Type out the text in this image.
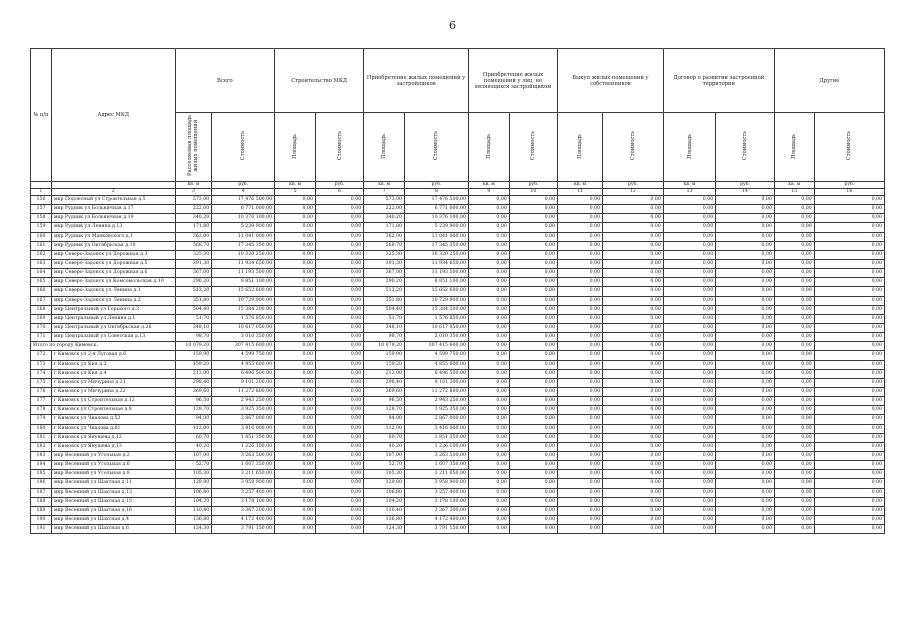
6
№ п/п	Адрес МКД	Всего		Строительство МКД		Приобретение жилых помещений у застройщиков		Приобретение жилых помещений у лиц, не являющихся застройщиком		Выкуп жилых помещений у собственников		Договор о развитии застроенной территории		Другие	
		Расселяемая площадь жилых помещений	Стоимость	Площадь	Стоимость	Площадь	Стоимость	Площадь	Стоимость	Площадь	Стоимость	Площадь	Стоимость	Площадь	Стоимость
		кв. м	руб.	кв. м	руб.	кв. м	руб.	кв. м	руб.	кв. м	руб.	кв. м	руб.	кв. м	руб.
1	2	3	4	5	6	7	8	9	10	11	12	13	14	15	16
156	мкр Подлесный ул Строительная д.5	573,00	17 476 500,00	0,00	0,00	573,00	17 476 500,00	0,00	0,00	0,00	0,00	0,00	0,00	0,00	0,00
157	мкр Рудник ул Больничная д.17	222,00	6 771 000,00	0,00	0,00	222,00	6 771 000,00	0,00	0,00	0,00	0,00	0,00	0,00	0,00	0,00
158	мкр Рудник ул Больничная д.19	340,20	10 376 100,00	0,00	0,00	340,20	10 376 100,00	0,00	0,00	0,00	0,00	0,00	0,00	0,00	0,00
159	мкр Рудник ул Ленина д.13	171,80	5 239 900,00	0,00	0,00	171,80	5 239 900,00	0,00	0,00	0,00	0,00	0,00	0,00	0,00	0,00
160	мкр Рудник ул Маяковского д.1	362,00	11 041 000,00	0,00	0,00	362,00	11 041 000,00	0,00	0,00	0,00	0,00	0,00	0,00	0,00	0,00
161	мкр Рудник ул Октябрьская д.10	568,70	17 345 350,00	0,00	0,00	568,70	17 345 350,00	0,00	0,00	0,00	0,00	0,00	0,00	0,00	0,00
162	мкр Северо-Задонск ул Дорожная д.3	325,30	10 320 250,00	0,00	0,00	325,30	10 320 250,00	0,00	0,00	0,00	0,00	0,00	0,00	0,00	0,00
163	мкр Северо-Задонск ул Дорожная д.5	391,30	11 934 650,00	0,00	0,00	391,30	11 934 650,00	0,00	0,00	0,00	0,00	0,00	0,00	0,00	0,00
164	мкр Северо-Задонск ул Дорожная д.6	367,00	11 193 500,00	0,00	0,00	367,00	11 193 500,00	0,00	0,00	0,00	0,00	0,00	0,00	0,00	0,00
165	мкр Северо-Задонск ул Комсомольская д.10	290,20	8 851 100,00	0,00	0,00	290,20	8 851 100,00	0,00	0,00	0,00	0,00	0,00	0,00	0,00	0,00
166	мкр Северо-Задонск ул Ленина д.1	513,20	15 652 600,00	0,00	0,00	513,20	15 652 600,00	0,00	0,00	0,00	0,00	0,00	0,00	0,00	0,00
167	мкр Северо-Задонск ул Ленина д.2	351,80	10 729 900,00	0,00	0,00	351,80	10 729 900,00	0,00	0,00	0,00	0,00	0,00	0,00	0,00	0,00
168	мкр Центральный ул Горького д.3	504,40	15 384 200,00	0,00	0,00	504,40	15 384 200,00	0,00	0,00	0,00	0,00	0,00	0,00	0,00	0,00
169	мкр Центральный ул Ленина д.1	51,70	1 576 850,00	0,00	0,00	51,70	1 576 850,00	0,00	0,00	0,00	0,00	0,00	0,00	0,00	0,00
170	мкр Центральный ул Октябрьская д.26	348,10	10 617 050,00	0,00	0,00	348,10	10 617 050,00	0,00	0,00	0,00	0,00	0,00	0,00	0,00	0,00
171	мкр Центральный ул Советская д.13	98,70	3 010 350,00	0,00	0,00	98,70	3 010 350,00	0,00	0,00	0,00	0,00	0,00	0,00	0,00	0,00
Итого по городу Кимовск:		10 079,20	307 415 600,00	0,00	0,00	10 079,20	307 415 600,00	0,00	0,00	0,00	0,00	0,00	0,00	0,00	0,00
172	г Кимовск ул 2-я Луговая д.6	159,90	4 599 750,00	0,00	0,00	159,90	4 599 750,00	0,00	0,00	0,00	0,00	0,00	0,00	0,00	0,00
173	г Кимовск ул Кия д.2	159,20	4 855 600,00	0,00	0,00	159,20	4 855 600,00	0,00	0,00	0,00	0,00	0,00	0,00	0,00	0,00
174	г Кимовск ул Кия д.4	213,00	6 496 500,00	0,00	0,00	213,00	6 496 500,00	0,00	0,00	0,00	0,00	0,00	0,00	0,00	0,00
175	г Кимовск ул Мичурина д.21	298,40	9 101 200,00	0,00	0,00	298,40	9 101 200,00	0,00	0,00	0,00	0,00	0,00	0,00	0,00	0,00
176	г Кимовск ул Мичурина д.22	369,60	11 272 800,00	0,00	0,00	369,60	11 272 800,00	0,00	0,00	0,00	0,00	0,00	0,00	0,00	0,00
177	г Кимовск ул Строительная д.12	96,50	2 943 250,00	0,00	0,00	96,50	2 943 250,00	0,00	0,00	0,00	0,00	0,00	0,00	0,00	0,00
178	г Кимовск ул Строительная д.8	128,70	3 925 350,00	0,00	0,00	128,70	3 925 350,00	0,00	0,00	0,00	0,00	0,00	0,00	0,00	0,00
179	г Кимовск ул Чкалова д.53	94,00	2 867 000,00	0,00	0,00	94,00	2 867 000,00	0,00	0,00	0,00	0,00	0,00	0,00	0,00	0,00
180	г Кимовск ул Чкалова д.61	112,00	3 416 000,00	0,00	0,00	112,00	3 416 000,00	0,00	0,00	0,00	0,00	0,00	0,00	0,00	0,00
181	г Кимовск ул Якушева д.12	60,70	1 851 350,00	0,00	0,00	60,70	1 851 350,00	0,00	0,00	0,00	0,00	0,00	0,00	0,00	0,00
182	г Кимовск ул Якушева д.13	40,20	1 226 100,00	0,00	0,00	40,20	1 226 100,00	0,00	0,00	0,00	0,00	0,00	0,00	0,00	0,00
183	мкр Весенний ул Угольная д.2	107,00	3 263 500,00	0,00	0,00	107,00	3 263 500,00	0,00	0,00	0,00	0,00	0,00	0,00	0,00	0,00
184	мкр Весенний ул Угольная д.6	52,70	1 607 350,00	0,00	0,00	52,70	1 607 350,00	0,00	0,00	0,00	0,00	0,00	0,00	0,00	0,00
185	мкр Весенний ул Угольная д.8	105,30	3 211 650,00	0,00	0,00	105,30	3 211 650,00	0,00	0,00	0,00	0,00	0,00	0,00	0,00	0,00
186	мкр Весенний ул Шахтная д.11	129,80	3 958 900,00	0,00	0,00	129,80	3 958 900,00	0,00	0,00	0,00	0,00	0,00	0,00	0,00	0,00
187	мкр Весенний ул Шахтная д.13	106,80	3 257 400,00	0,00	0,00	106,80	3 257 400,00	0,00	0,00	0,00	0,00	0,00	0,00	0,00	0,00
188	мкр Весенний ул Шахтная д.15	104,20	3 178 100,00	0,00	0,00	104,20	3 178 100,00	0,00	0,00	0,00	0,00	0,00	0,00	0,00	0,00
189	мкр Весенний ул Шахтная д.16	110,40	3 367 200,00	0,00	0,00	110,40	3 367 200,00	0,00	0,00	0,00	0,00	0,00	0,00	0,00	0,00
190	мкр Весенний ул Шахтная д.4	136,80	4 172 400,00	0,00	0,00	136,80	4 172 400,00	0,00	0,00	0,00	0,00	0,00	0,00	0,00	0,00
191	мкр Весенний ул Шахтная д.6	124,30	3 791 150,00	0,00	0,00	124,30	3 791 150,00	0,00	0,00	0,00	0,00	0,00	0,00	0,00	0,00
